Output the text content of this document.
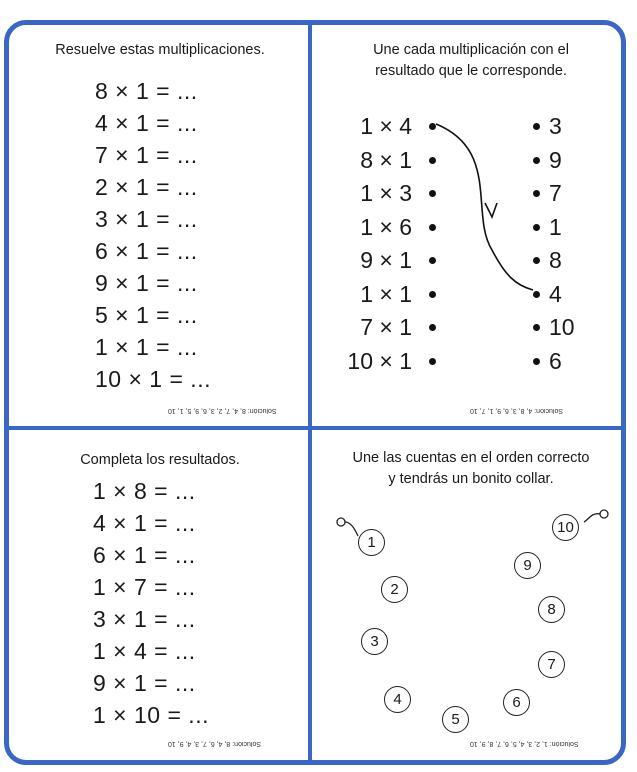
Resuelve estas multiplicaciones.
8 × 1 = ...
4 × 1 = ...
7 × 1 = ...
2 × 1 = ...
3 × 1 = ...
6 × 1 = ...
9 × 1 = ...
5 × 1 = ...
1 × 1 = ...
10 × 1 = ...
Solución: 8, 4, 7, 2, 3, 6, 9, 5, 1, 10
Une cada multiplicación con el
resultado que le corresponde.
1 × 4	3
8 × 1	9
1 × 3	7
1 × 6	1
9 × 1	8
1 × 1	4
7 × 1	10
10 × 1	6
Solución: 4, 8, 3, 6, 9, 1, 7, 10
Completa los resultados.
1 × 8 = ...
4 × 1 = ...
6 × 1 = ...
1 × 7 = ...
3 × 1 = ...
1 × 4 = ...
9 × 1 = ...
1 × 10 = ...
Solución: 8, 4, 6, 7, 3, 4, 9, 10
Une las cuentas en el orden correcto
y tendrás un bonito collar.
1
2
3
4
5
6
7
8
9
10
Solución: 1, 2, 3, 4, 5, 6, 7, 8, 9, 10
